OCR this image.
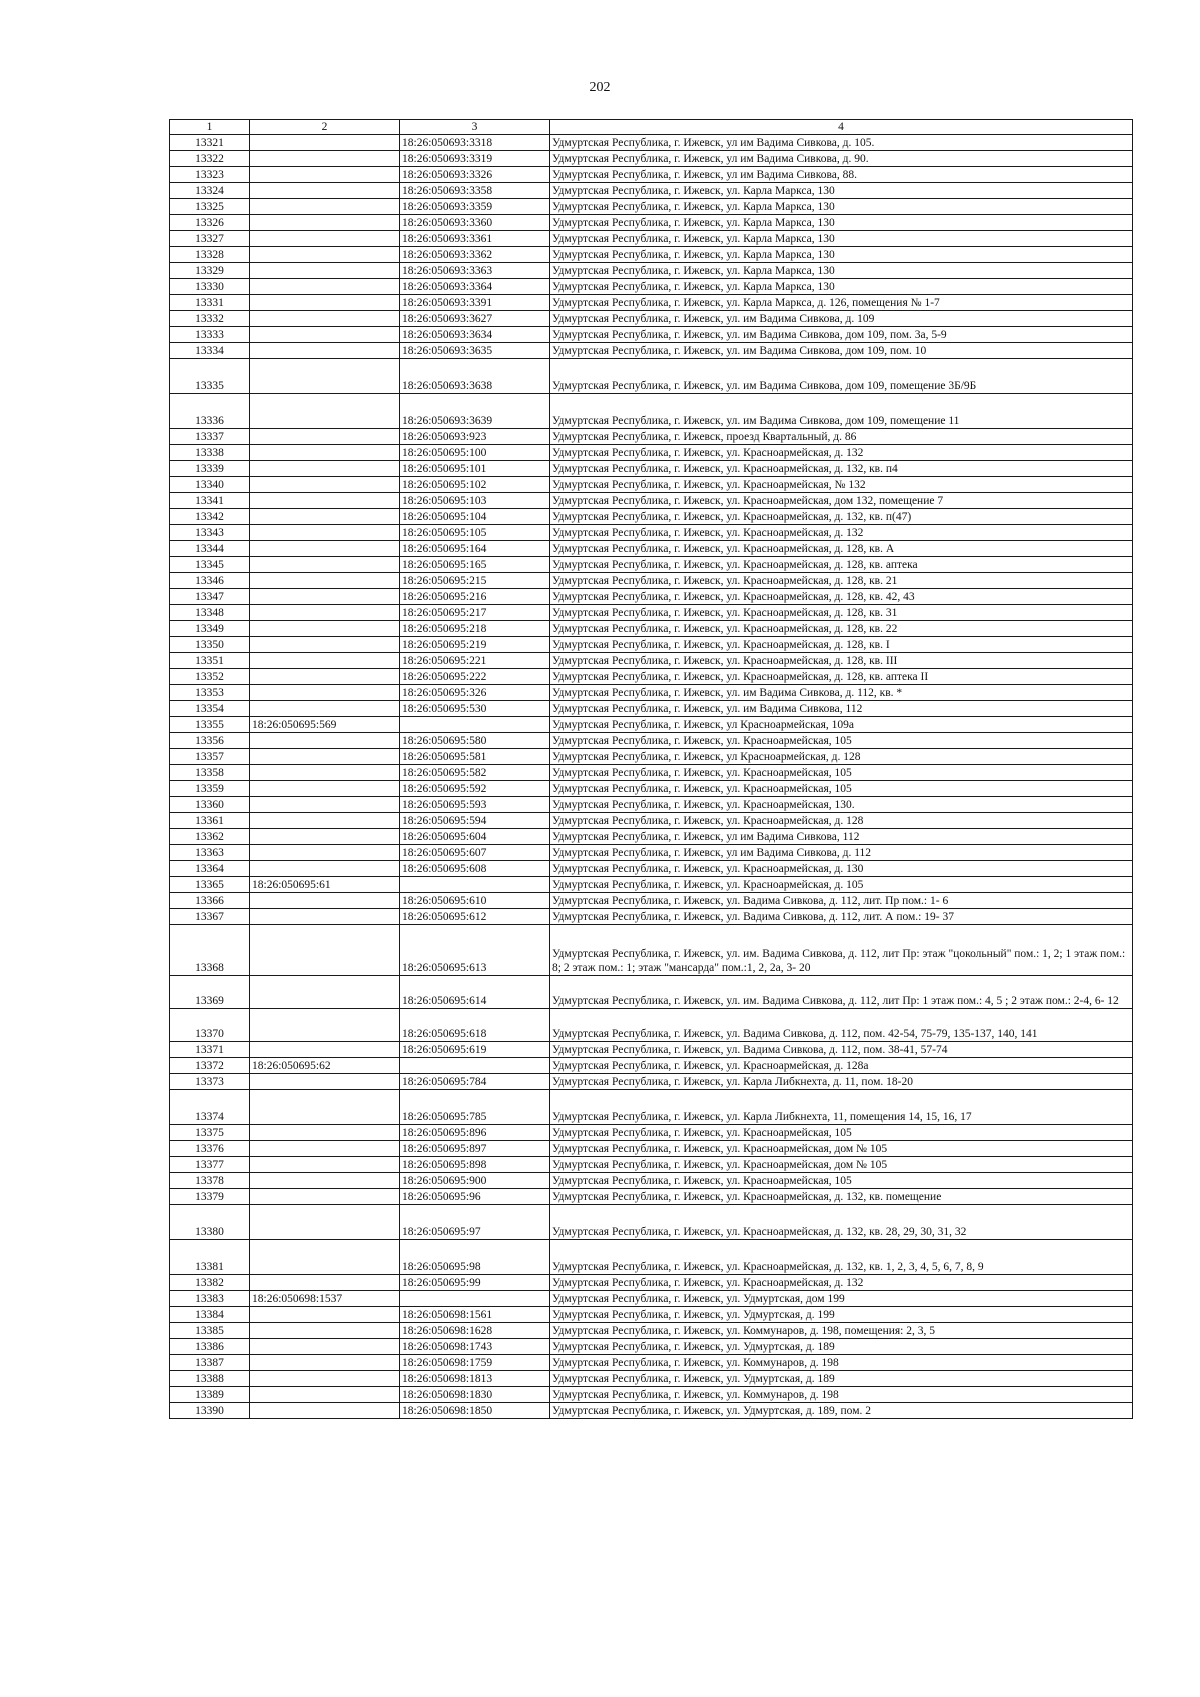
202
1	2	3	4
13321		18:26:050693:3318	Удмуртская Республика, г. Ижевск, ул им Вадима Сивкова, д. 105.
13322		18:26:050693:3319	Удмуртская Республика, г. Ижевск, ул им Вадима Сивкова, д. 90.
13323		18:26:050693:3326	Удмуртская Республика, г. Ижевск, ул им Вадима Сивкова, 88.
13324		18:26:050693:3358	Удмуртская Республика, г. Ижевск, ул. Карла Маркса, 130
13325		18:26:050693:3359	Удмуртская Республика, г. Ижевск, ул. Карла Маркса, 130
13326		18:26:050693:3360	Удмуртская Республика, г. Ижевск, ул. Карла Маркса, 130
13327		18:26:050693:3361	Удмуртская Республика, г. Ижевск, ул. Карла Маркса, 130
13328		18:26:050693:3362	Удмуртская Республика, г. Ижевск, ул. Карла Маркса, 130
13329		18:26:050693:3363	Удмуртская Республика, г. Ижевск, ул. Карла Маркса, 130
13330		18:26:050693:3364	Удмуртская Республика, г. Ижевск, ул. Карла Маркса, 130
13331		18:26:050693:3391	Удмуртская Республика, г. Ижевск, ул. Карла Маркса, д. 126, помещения № 1-7
13332		18:26:050693:3627	Удмуртская Республика, г. Ижевск, ул. им Вадима Сивкова, д. 109
13333		18:26:050693:3634	Удмуртская Республика, г. Ижевск, ул. им Вадима Сивкова, дом 109, пом. 3а, 5-9
13334		18:26:050693:3635	Удмуртская Республика, г. Ижевск, ул. им Вадима Сивкова, дом 109, пом. 10
13335		18:26:050693:3638	Удмуртская Республика, г. Ижевск, ул. им Вадима Сивкова, дом 109, помещение 3Б/9Б
13336		18:26:050693:3639	Удмуртская Республика, г. Ижевск, ул. им Вадима Сивкова, дом 109, помещение 11
13337		18:26:050693:923	Удмуртская Республика, г. Ижевск, проезд Квартальный, д. 86
13338		18:26:050695:100	Удмуртская Республика, г. Ижевск, ул. Красноармейская, д. 132
13339		18:26:050695:101	Удмуртская Республика, г. Ижевск, ул. Красноармейская, д. 132, кв. п4
13340		18:26:050695:102	Удмуртская Республика, г. Ижевск, ул. Красноармейская, № 132
13341		18:26:050695:103	Удмуртская Республика, г. Ижевск, ул. Красноармейская, дом 132, помещение 7
13342		18:26:050695:104	Удмуртская Республика, г. Ижевск, ул. Красноармейская, д. 132, кв. п(47)
13343		18:26:050695:105	Удмуртская Республика, г. Ижевск, ул. Красноармейская, д. 132
13344		18:26:050695:164	Удмуртская Республика, г. Ижевск, ул. Красноармейская, д. 128, кв. А
13345		18:26:050695:165	Удмуртская Республика, г. Ижевск, ул. Красноармейская, д. 128, кв. аптека
13346		18:26:050695:215	Удмуртская Республика, г. Ижевск, ул. Красноармейская, д. 128, кв. 21
13347		18:26:050695:216	Удмуртская Республика, г. Ижевск, ул. Красноармейская, д. 128, кв. 42, 43
13348		18:26:050695:217	Удмуртская Республика, г. Ижевск, ул. Красноармейская, д. 128, кв. 31
13349		18:26:050695:218	Удмуртская Республика, г. Ижевск, ул. Красноармейская, д. 128, кв. 22
13350		18:26:050695:219	Удмуртская Республика, г. Ижевск, ул. Красноармейская, д. 128, кв. I
13351		18:26:050695:221	Удмуртская Республика, г. Ижевск, ул. Красноармейская, д. 128, кв. III
13352		18:26:050695:222	Удмуртская Республика, г. Ижевск, ул. Красноармейская, д. 128, кв. аптека II
13353		18:26:050695:326	Удмуртская Республика, г. Ижевск, ул. им Вадима Сивкова, д. 112, кв. *
13354		18:26:050695:530	Удмуртская Республика, г. Ижевск, ул. им Вадима Сивкова, 112
13355	18:26:050695:569		Удмуртская Республика, г. Ижевск, ул Красноармейская, 109а
13356		18:26:050695:580	Удмуртская Республика, г. Ижевск, ул. Красноармейская, 105
13357		18:26:050695:581	Удмуртская Республика, г. Ижевск, ул Красноармейская, д. 128
13358		18:26:050695:582	Удмуртская Республика, г. Ижевск, ул. Красноармейская, 105
13359		18:26:050695:592	Удмуртская Республика, г. Ижевск, ул. Красноармейская, 105
13360		18:26:050695:593	Удмуртская Республика, г. Ижевск, ул. Красноармейская, 130.
13361		18:26:050695:594	Удмуртская Республика, г. Ижевск, ул. Красноармейская, д. 128
13362		18:26:050695:604	Удмуртская Республика, г. Ижевск, ул им Вадима Сивкова, 112
13363		18:26:050695:607	Удмуртская Республика, г. Ижевск, ул им Вадима Сивкова, д. 112
13364		18:26:050695:608	Удмуртская Республика, г. Ижевск, ул. Красноармейская, д. 130
13365	18:26:050695:61		Удмуртская Республика, г. Ижевск, ул. Красноармейская, д. 105
13366		18:26:050695:610	Удмуртская Республика, г. Ижевск, ул. Вадима Сивкова, д. 112, лит. Пр пом.: 1- 6
13367		18:26:050695:612	Удмуртская Республика, г. Ижевск, ул. Вадима Сивкова, д. 112, лит. А пом.: 19- 37
13368		18:26:050695:613	Удмуртская Республика, г. Ижевск, ул. им. Вадима Сивкова, д. 112, лит Пр: этаж "цокольный" пом.: 1, 2; 1 этаж пом.: 8; 2 этаж пом.: 1; этаж "мансарда" пом.:1, 2, 2а, 3- 20
13369		18:26:050695:614	Удмуртская Республика, г. Ижевск, ул. им. Вадима Сивкова, д. 112, лит Пр: 1 этаж пом.: 4, 5 ; 2 этаж пом.: 2-4, 6- 12
13370		18:26:050695:618	Удмуртская Республика, г. Ижевск, ул. Вадима Сивкова, д. 112, пом. 42-54, 75-79, 135-137, 140, 141
13371		18:26:050695:619	Удмуртская Республика, г. Ижевск, ул. Вадима Сивкова, д. 112, пом. 38-41, 57-74
13372	18:26:050695:62		Удмуртская Республика, г. Ижевск, ул. Красноармейская, д. 128а
13373		18:26:050695:784	Удмуртская Республика, г. Ижевск, ул. Карла Либкнехта, д. 11, пом. 18-20
13374		18:26:050695:785	Удмуртская Республика, г. Ижевск, ул. Карла Либкнехта, 11, помещения 14, 15, 16, 17
13375		18:26:050695:896	Удмуртская Республика, г. Ижевск, ул. Красноармейская, 105
13376		18:26:050695:897	Удмуртская Республика, г. Ижевск, ул. Красноармейская, дом № 105
13377		18:26:050695:898	Удмуртская Республика, г. Ижевск, ул. Красноармейская, дом № 105
13378		18:26:050695:900	Удмуртская Республика, г. Ижевск, ул. Красноармейская, 105
13379		18:26:050695:96	Удмуртская Республика, г. Ижевск, ул. Красноармейская, д. 132, кв. помещение
13380		18:26:050695:97	Удмуртская Республика, г. Ижевск, ул. Красноармейская, д. 132, кв. 28, 29, 30, 31, 32
13381		18:26:050695:98	Удмуртская Республика, г. Ижевск, ул. Красноармейская, д. 132, кв. 1, 2, 3, 4, 5, 6, 7, 8, 9
13382		18:26:050695:99	Удмуртская Республика, г. Ижевск, ул. Красноармейская, д. 132
13383	18:26:050698:1537		Удмуртская Республика, г. Ижевск, ул. Удмуртская, дом 199
13384		18:26:050698:1561	Удмуртская Республика, г. Ижевск, ул. Удмуртская, д. 199
13385		18:26:050698:1628	Удмуртская Республика, г. Ижевск, ул. Коммунаров, д. 198, помещения: 2, 3, 5
13386		18:26:050698:1743	Удмуртская Республика, г. Ижевск, ул. Удмуртская, д. 189
13387		18:26:050698:1759	Удмуртская Республика, г. Ижевск, ул. Коммунаров, д. 198
13388		18:26:050698:1813	Удмуртская Республика, г. Ижевск, ул. Удмуртская, д. 189
13389		18:26:050698:1830	Удмуртская Республика, г. Ижевск, ул. Коммунаров, д. 198
13390		18:26:050698:1850	Удмуртская Республика, г. Ижевск, ул. Удмуртская, д. 189, пом. 2
